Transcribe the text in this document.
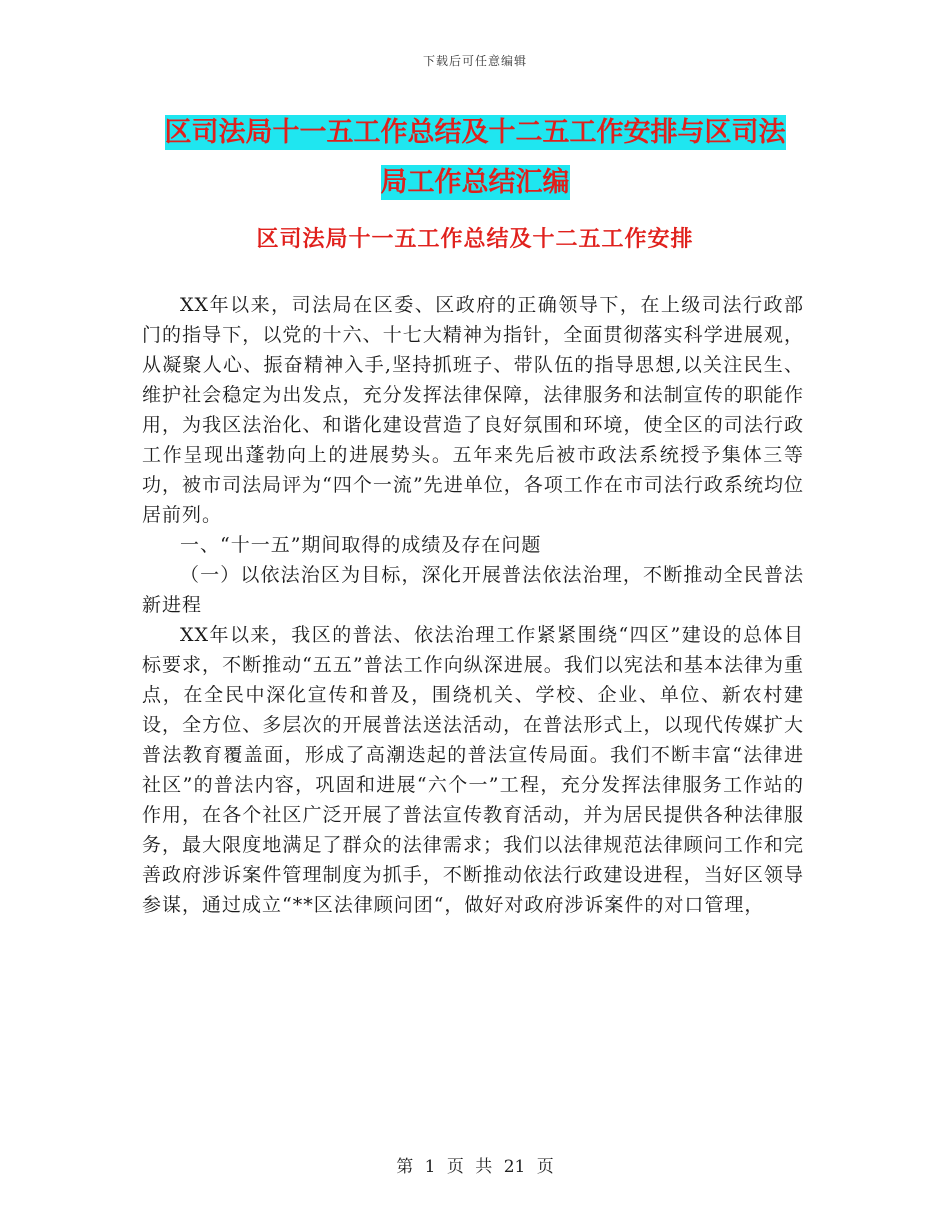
下载后可任意编辑
区司法局十一五工作总结及十二五工作安排与区司法
局工作总结汇编
区司法局十一五工作总结及十二五工作安排

XX年以来，司法局在区委、区政府的正确领导下，在上级司法行政部门的指导下，以党的十六、十七大精神为指针，全面贯彻落实科学进展观，从凝聚人心、振奋精神入手,坚持抓班子、带队伍的指导思想,以关注民生、维护社会稳定为出发点，充分发挥法律保障，法律服务和法制宣传的职能作用，为我区法治化、和谐化建设营造了良好氛围和环境，使全区的司法行政工作呈现出蓬勃向上的进展势头。五年来先后被市政法系统授予集体三等功，被市司法局评为“四个一流”先进单位，各项工作在市司法行政系统均位居前列。

一、“十一五”期间取得的成绩及存在问题

（一）以依法治区为目标，深化开展普法依法治理，不断推动全民普法新进程

XX年以来，我区的普法、依法治理工作紧紧围绕“四区”建设的总体目标要求，不断推动“五五”普法工作向纵深进展。我们以宪法和基本法律为重点，在全民中深化宣传和普及，围绕机关、学校、企业、单位、新农村建设，全方位、多层次的开展普法送法活动，在普法形式上，以现代传媒扩大普法教育覆盖面，形成了高潮迭起的普法宣传局面。我们不断丰富“法律进社区”的普法内容，巩固和进展“六个一”工程，充分发挥法律服务工作站的作用，在各个社区广泛开展了普法宣传教育活动，并为居民提供各种法律服务，最大限度地满足了群众的法律需求；我们以法律规范法律顾问工作和完善政府涉诉案件管理制度为抓手，不断推动依法行政建设进程，当好区领导参谋，通过成立“**区法律顾问团“，做好对政府涉诉案件的对口管理，

第 1 页 共 21 页
